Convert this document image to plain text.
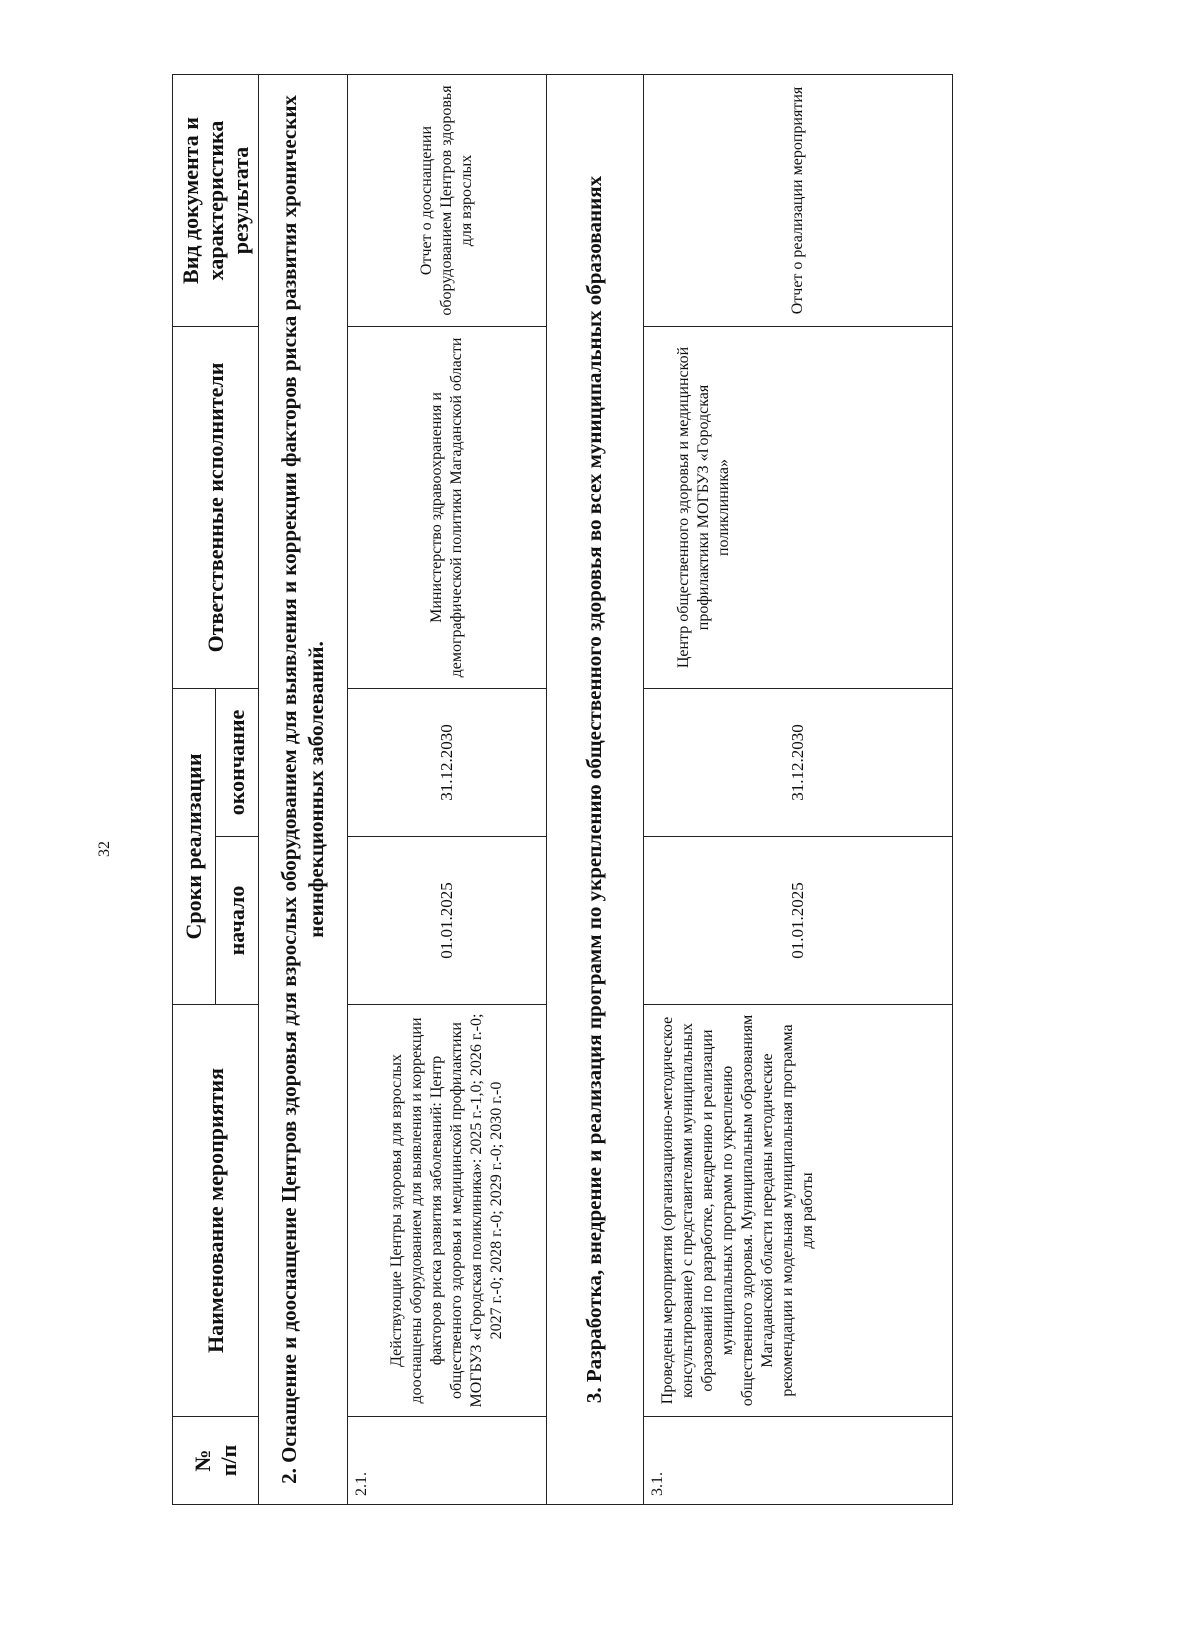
32
№
п/п	Наименование мероприятия	Сроки реализации		Ответственные исполнители	Вид документа и характеристика результата
		начало	окончание		
2. Оснащение и дооснащение Центров здоровья для взрослых оборудованием для выявления и коррекции факторов риска развития хронических неинфекционных заболеваний.					
2.1.	Действующие Центры здоровья для взрослых дооснащены оборудованием для выявления и коррекции факторов риска развития заболеваний: Центр общественного здоровья и медицинской профилактики МОГБУЗ «Городская поликлиника»: 2025 г.-1,0; 2026 г.-0; 2027 г.-0; 2028 г.-0; 2029 г.-0; 2030 г.-0	01.01.2025	31.12.2030	Министерство здравоохранения и демографической политики Магаданской области	Отчет о дооснащении оборудованием Центров здоровья для взрослых
3. Разработка, внедрение и реализация программ по укреплению общественного здоровья во всех муниципальных образованиях					
3.1.	Проведены мероприятия (организационно-методическое консультирование) с представителями муниципальных образований по разработке, внедрению и реализации муниципальных программ по укреплению общественного здоровья. Муниципальным образованиям Магаданской области переданы методические рекомендации и модельная муниципальная программа для работы	01.01.2025	31.12.2030	Центр общественного здоровья и медицинской профилактики МОГБУЗ «Городская поликлиника»	Отчет о реализации мероприятия
